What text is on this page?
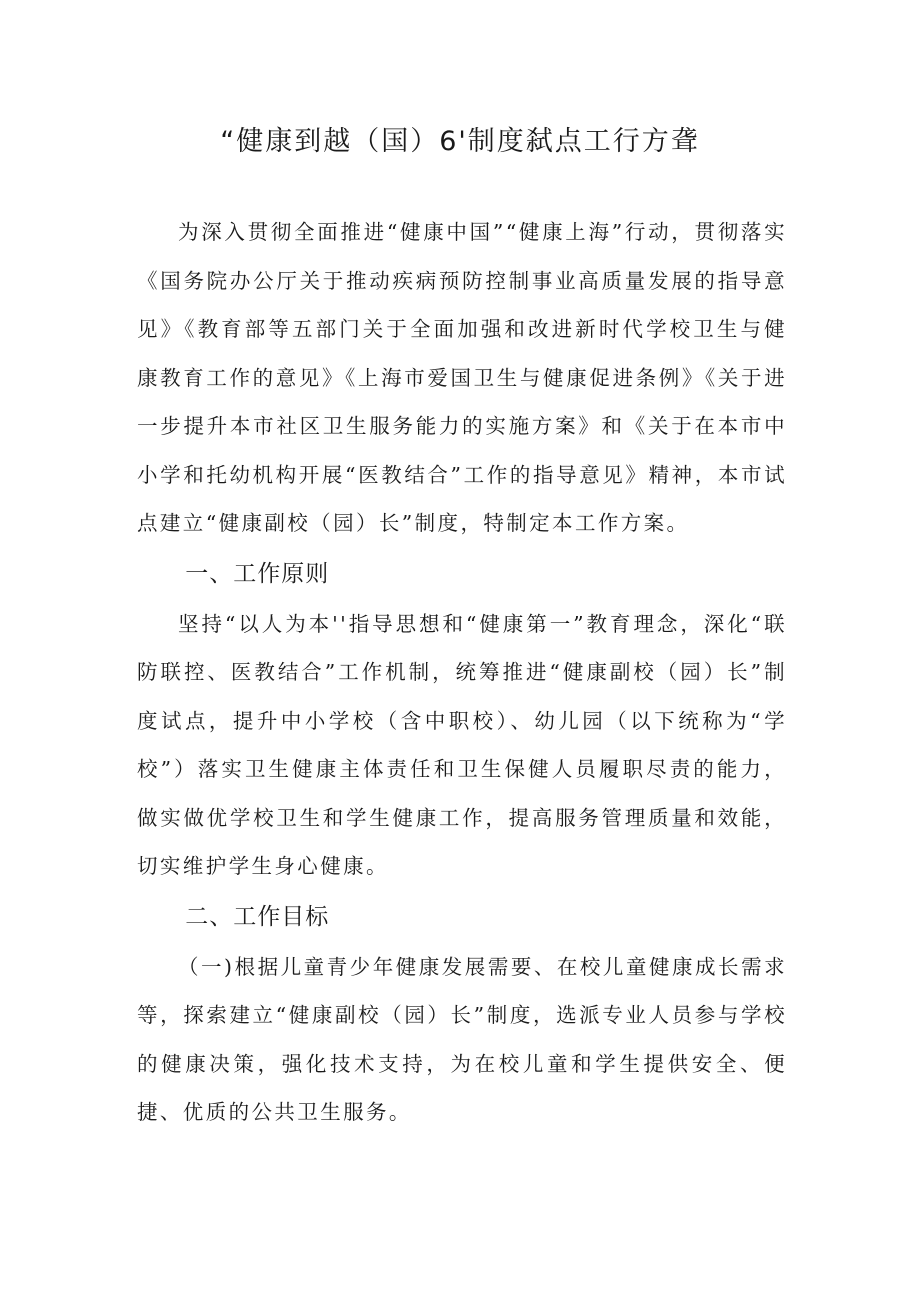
“健康到越（国）6'制度弑点工行方聋

为深入贯彻全面推进“健康中国”“健康上海”行动，贯彻落实《国务院办公厅关于推动疾病预防控制事业高质量发展的指导意见》《教育部等五部门关于全面加强和改进新时代学校卫生与健康教育工作的意见》《上海市爱国卫生与健康促进条例》《关于进一步提升本市社区卫生服务能力的实施方案》和《关于在本市中小学和托幼机构开展“医教结合”工作的指导意见》精神，本市试点建立“健康副校（园）长”制度，特制定本工作方案。

一、工作原则

坚持“以人为本''指导思想和“健康第一”教育理念，深化“联防联控、医教结合”工作机制，统筹推进“健康副校（园）长”制度试点，提升中小学校（含中职校）、幼儿园（以下统称为“学校”）落实卫生健康主体责任和卫生保健人员履职尽责的能力，做实做优学校卫生和学生健康工作，提高服务管理质量和效能，切实维护学生身心健康。

二、工作目标

（一)根据儿童青少年健康发展需要、在校儿童健康成长需求等，探索建立“健康副校（园）长”制度，选派专业人员参与学校的健康决策，强化技术支持，为在校儿童和学生提供安全、便捷、优质的公共卫生服务。
